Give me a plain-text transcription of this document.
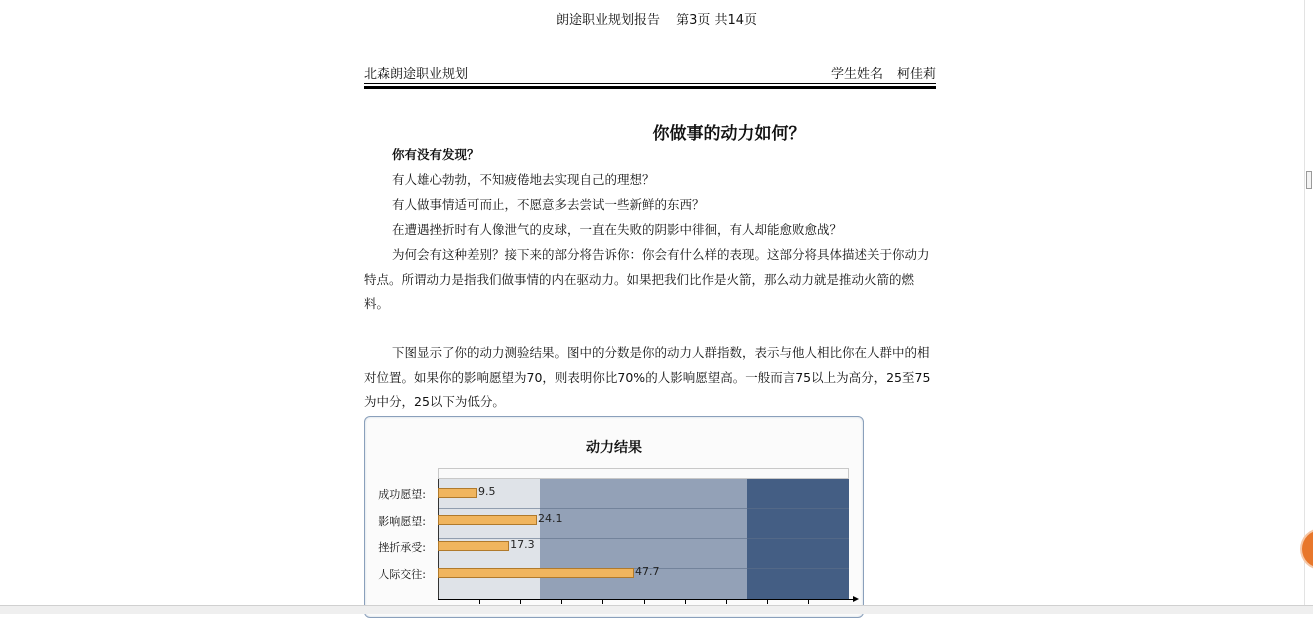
朗途职业规划报告 第3页 共14页
北森朗途职业规划	学生姓名 柯佳莉
你做事的动力如何？
你有没有发现？
有人雄心勃勃，不知疲倦地去实现自己的理想？
有人做事情适可而止，不愿意多去尝试一些新鲜的东西？
在遭遇挫折时有人像泄气的皮球，一直在失败的阴影中徘徊，有人却能愈败愈战？
为何会有这种差别？接下来的部分将告诉你：你会有什么样的表现。这部分将具体描述关于你动力特点。所谓动力是指我们做事情的内在驱动力。如果把我们比作是火箭，那么动力就是推动火箭的燃料。
下图显示了你的动力测验结果。图中的分数是你的动力人群指数，表示与他人相比你在人群中的相对位置。如果你的影响愿望为70，则表明你比70%的人影响愿望高。一般而言75以上为高分，25至75为中分，25以下为低分。
动力结果
成功愿望:	9.5
影响愿望:	24.1
挫折承受:	17.3
人际交往:	47.7
